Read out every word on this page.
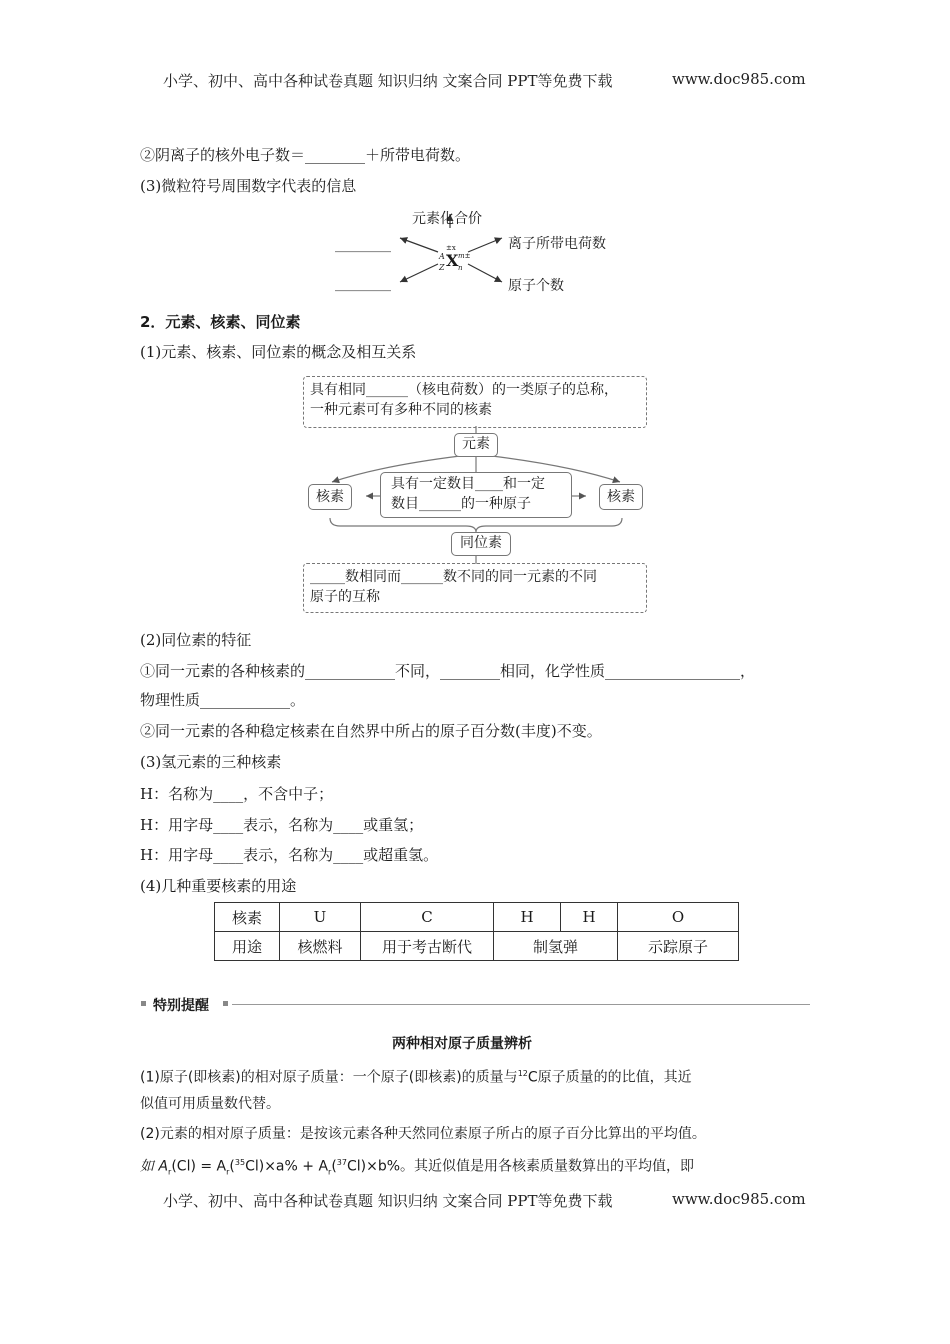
小学、初中、高中各种试卷真题 知识归纳 文案合同 PPT等免费下载	www.doc985.com
②阴离子的核外电子数＝________＋所带电荷数。
(3)微粒符号周围数字代表的信息
元素化合价
________
________
离子所带电荷数
原子个数
±x
A
Z X m±
n
2．元素、核素、同位素
(1)元素、核素、同位素的概念及相互关系
具有相同______（核电荷数）的一类原子的总称，
一种元素可有多种不同的核素
元素
核素	核素
具有一定数目____和一定
数目______的一种原子
同位素
_____数相同而______数不同的同一元素的不同
原子的互称
(2)同位素的特征
①同一元素的各种核素的____________不同，________相同，化学性质__________________，
物理性质____________。
②同一元素的各种稳定核素在自然界中所占的原子百分数(丰度)不变。
(3)氢元素的三种核素
H：名称为____，不含中子；
H：用字母____表示，名称为____或重氢；
H：用字母____表示，名称为____或超重氢。
(4)几种重要核素的用途
核素	U	C	H	H	O
用途	核燃料	用于考古断代	制氢弹		示踪原子
特别提醒
两种相对原子质量辨析
(1)原子(即核素)的相对原子质量：一个原子(即核素)的质量与$^{12}$C原子质量的的比值，其近
似值可用质量数代替。
(2)元素的相对原子质量：是按该元素各种天然同位素原子所占的原子百分比算出的平均值。
如 $A_r(Cl) = A_r(^{35}Cl)\times a\% + A_r(^{37}Cl)\times b\%$。其近似值是用各核素质量数算出的平均值，即
小学、初中、高中各种试卷真题 知识归纳 文案合同 PPT等免费下载	www.doc985.com
